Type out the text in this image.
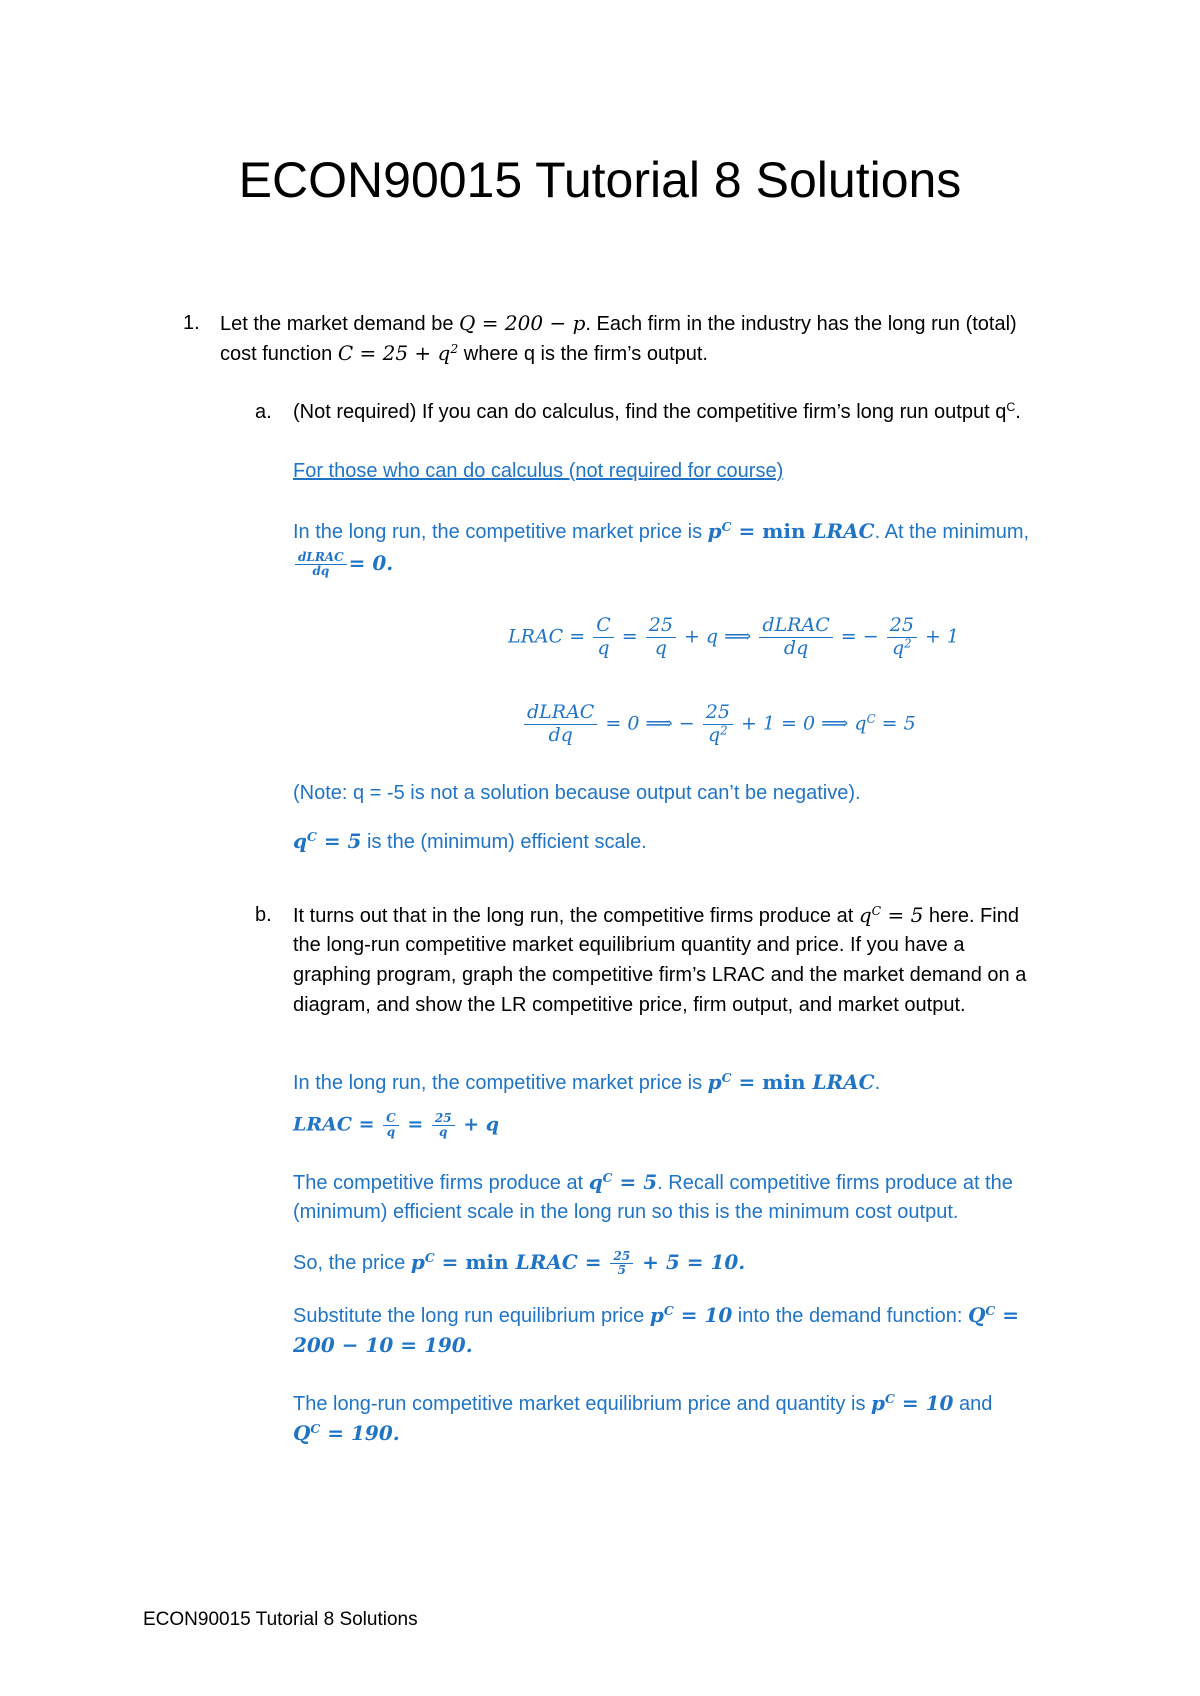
ECON90015 Tutorial 8 Solutions
1. Let the market demand be Q = 200 − p. Each firm in the industry has the long run (total)
cost function $C = 25 + q^2$ where q is the firm’s output.
a. (Not required) If you can do calculus, find the competitive firm’s long run output $q^C$.
For those who can do calculus (not required for course)
In the long run, the competitive market price is $p^C = \min$ LRAC. At the minimum,
$\frac{\text{dLRAC}}{dq} = 0$.
LRAC = $\frac{C}{q} = \frac{25}{q} + q$ ⟹ $\frac{\text{dLRAC}}{dq}$ = − $\frac{25}{q^2} + 1$
$\frac{\text{dLRAC}}{dq} = 0$ ⟹ − $\frac{25}{q^2} + 1 = 0$ ⟹ $q^C = 5$
(Note: q = -5 is not a solution because output can’t be negative).
$q^C = 5$ is the (minimum) efficient scale.
b. It turns out that in the long run, the competitive firms produce at $q^C = 5$ here. Find
the long-run competitive market equilibrium quantity and price. If you have a
graphing program, graph the competitive firm’s LRAC and the market demand on a
diagram, and show the LR competitive price, firm output, and market output.
In the long run, the competitive market price is $p^C = \min$ LRAC.
LRAC = $\frac{C}{q} = \frac{25}{q} + q$
The competitive firms produce at $q^C = 5$. Recall competitive firms produce at the
(minimum) efficient scale in the long run so this is the minimum cost output.
So, the price $p^C = \min$ LRAC = $\frac{25}{5} + 5 = 10$.
Substitute the long run equilibrium price $p^C = 10$ into the demand function: $Q^C$ =
200 − 10 = 190.
The long-run competitive market equilibrium price and quantity is $p^C = 10$ and
$Q^C = 190$.
ECON90015 Tutorial 8 Solutions
